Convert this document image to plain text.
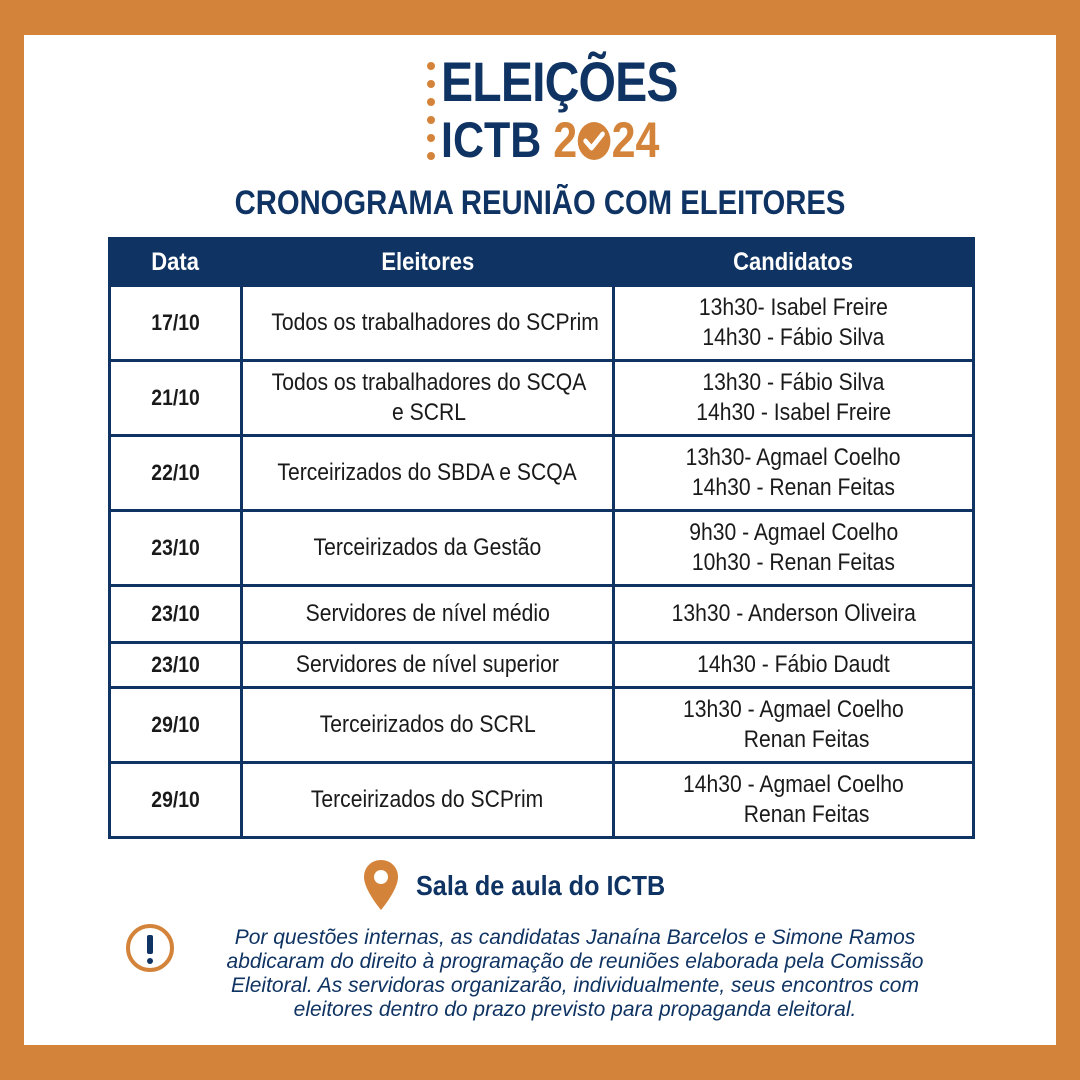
ELEIÇÕES
ICTB 2 24
CRONOGRAMA REUNIÃO COM ELEITORES
Data	Eleitores	Candidatos
17/10	Todos os trabalhadores do SCPrim	13h30- Isabel Freire
14h30 - Fábio Silva
21/10	Todos os trabalhadores do SCQA e SCRL	13h30 - Fábio Silva
14h30 - Isabel Freire
22/10	Terceirizados do SBDA e SCQA	13h30- Agmael Coelho
14h30 - Renan Feitas
23/10	Terceirizados da Gestão	9h30 - Agmael Coelho
10h30 - Renan Feitas
23/10	Servidores de nível médio	13h30 - Anderson Oliveira
23/10	Servidores de nível superior	14h30 - Fábio Daudt
29/10	Terceirizados do SCRL	13h30 - Agmael Coelho
Renan Feitas
29/10	Terceirizados do SCPrim	14h30 - Agmael Coelho
Renan Feitas
Sala de aula do ICTB
Por questões internas, as candidatas Janaína Barcelos e Simone Ramos
abdicaram do direito à programação de reuniões elaborada pela Comissão
Eleitoral. As servidoras organizarão, individualmente, seus encontros com
eleitores dentro do prazo previsto para propaganda eleitoral.
